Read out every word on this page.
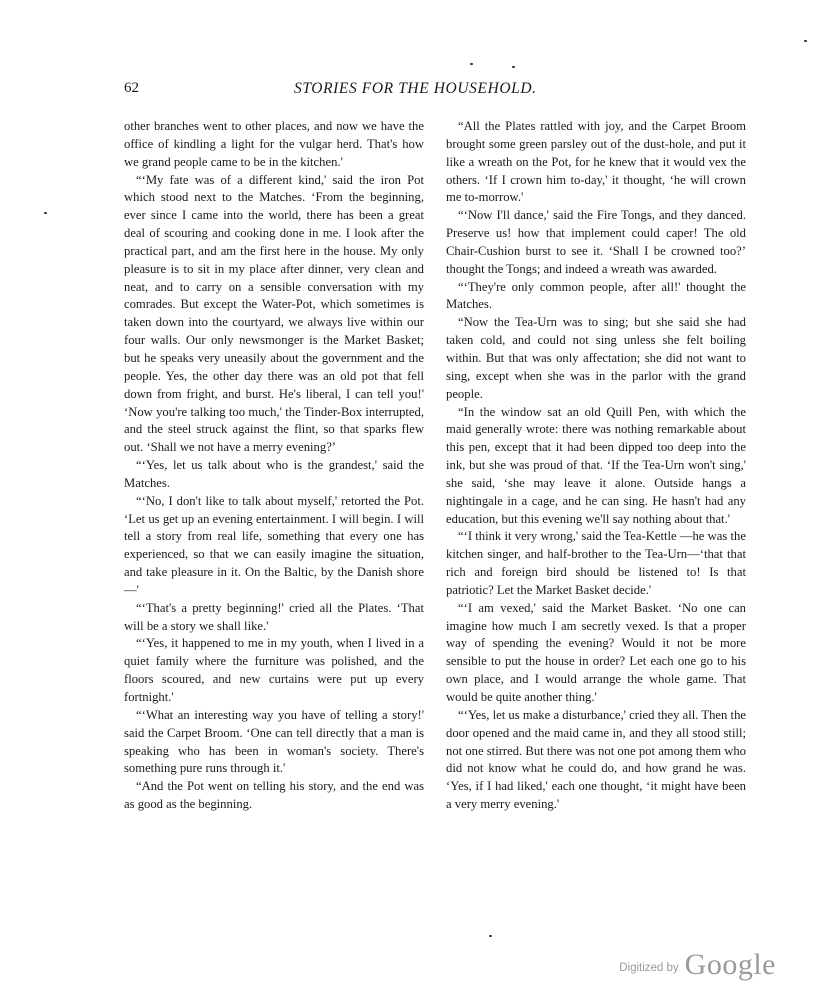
62	STORIES FOR THE HOUSEHOLD.

other branches went to other places, and now we have the office of kindling a light for the vulgar herd. That's how we grand people came to be in the kitchen.'

“‘My fate was of a different kind,' said the iron Pot which stood next to the Matches. ‘From the beginning, ever since I came into the world, there has been a great deal of scouring and cooking done in me. I look after the practical part, and am the first here in the house. My only pleasure is to sit in my place after dinner, very clean and neat, and to carry on a sensible conversation with my comrades. But except the Water-Pot, which sometimes is taken down into the courtyard, we always live within our four walls. Our only newsmonger is the Market Basket; but he speaks very uneasily about the government and the people. Yes, the other day there was an old pot that fell down from fright, and burst. He's liberal, I can tell you!' ‘Now you're talking too much,' the Tinder-Box interrupted, and the steel struck against the flint, so that sparks flew out. ‘Shall we not have a merry evening?’

“‘Yes, let us talk about who is the grandest,' said the Matches.

“‘No, I don't like to talk about myself,' retorted the Pot. ‘Let us get up an evening entertainment. I will begin. I will tell a story from real life, something that every one has experienced, so that we can easily imagine the situation, and take pleasure in it. On the Baltic, by the Danish shore—'

“‘That's a pretty beginning!' cried all the Plates. ‘That will be a story we shall like.'

“‘Yes, it happened to me in my youth, when I lived in a quiet family where the furniture was polished, and the floors scoured, and new curtains were put up every fortnight.'

“‘What an interesting way you have of telling a story!' said the Carpet Broom. ‘One can tell directly that a man is speaking who has been in woman's society. There's something pure runs through it.'

“And the Pot went on telling his story, and the end was as good as the beginning.

“All the Plates rattled with joy, and the Carpet Broom brought some green parsley out of the dust-hole, and put it like a wreath on the Pot, for he knew that it would vex the others. ‘If I crown him to-day,' it thought, ‘he will crown me to-morrow.'

“‘Now I'll dance,' said the Fire Tongs, and they danced. Preserve us! how that implement could caper! The old Chair-Cushion burst to see it. ‘Shall I be crowned too?’ thought the Tongs; and indeed a wreath was awarded.

“‘They're only common people, after all!' thought the Matches.

“Now the Tea-Urn was to sing; but she said she had taken cold, and could not sing unless she felt boiling within. But that was only affectation; she did not want to sing, except when she was in the parlor with the grand people.

“In the window sat an old Quill Pen, with which the maid generally wrote: there was nothing remarkable about this pen, except that it had been dipped too deep into the ink, but she was proud of that. ‘If the Tea-Urn won't sing,' she said, ‘she may leave it alone. Outside hangs a nightingale in a cage, and he can sing. He hasn't had any education, but this evening we'll say nothing about that.'

“‘I think it very wrong,' said the Tea-Kettle —he was the kitchen singer, and half-brother to the Tea-Urn—‘that that rich and foreign bird should be listened to! Is that patriotic? Let the Market Basket decide.'

“‘I am vexed,' said the Market Basket. ‘No one can imagine how much I am secretly vexed. Is that a proper way of spending the evening? Would it not be more sensible to put the house in order? Let each one go to his own place, and I would arrange the whole game. That would be quite another thing.'

“‘Yes, let us make a disturbance,' cried they all. Then the door opened and the maid came in, and they all stood still; not one stirred. But there was not one pot among them who did not know what he could do, and how grand he was. ‘Yes, if I had liked,' each one thought, ‘it might have been a very merry evening.'

Digitized by Google
